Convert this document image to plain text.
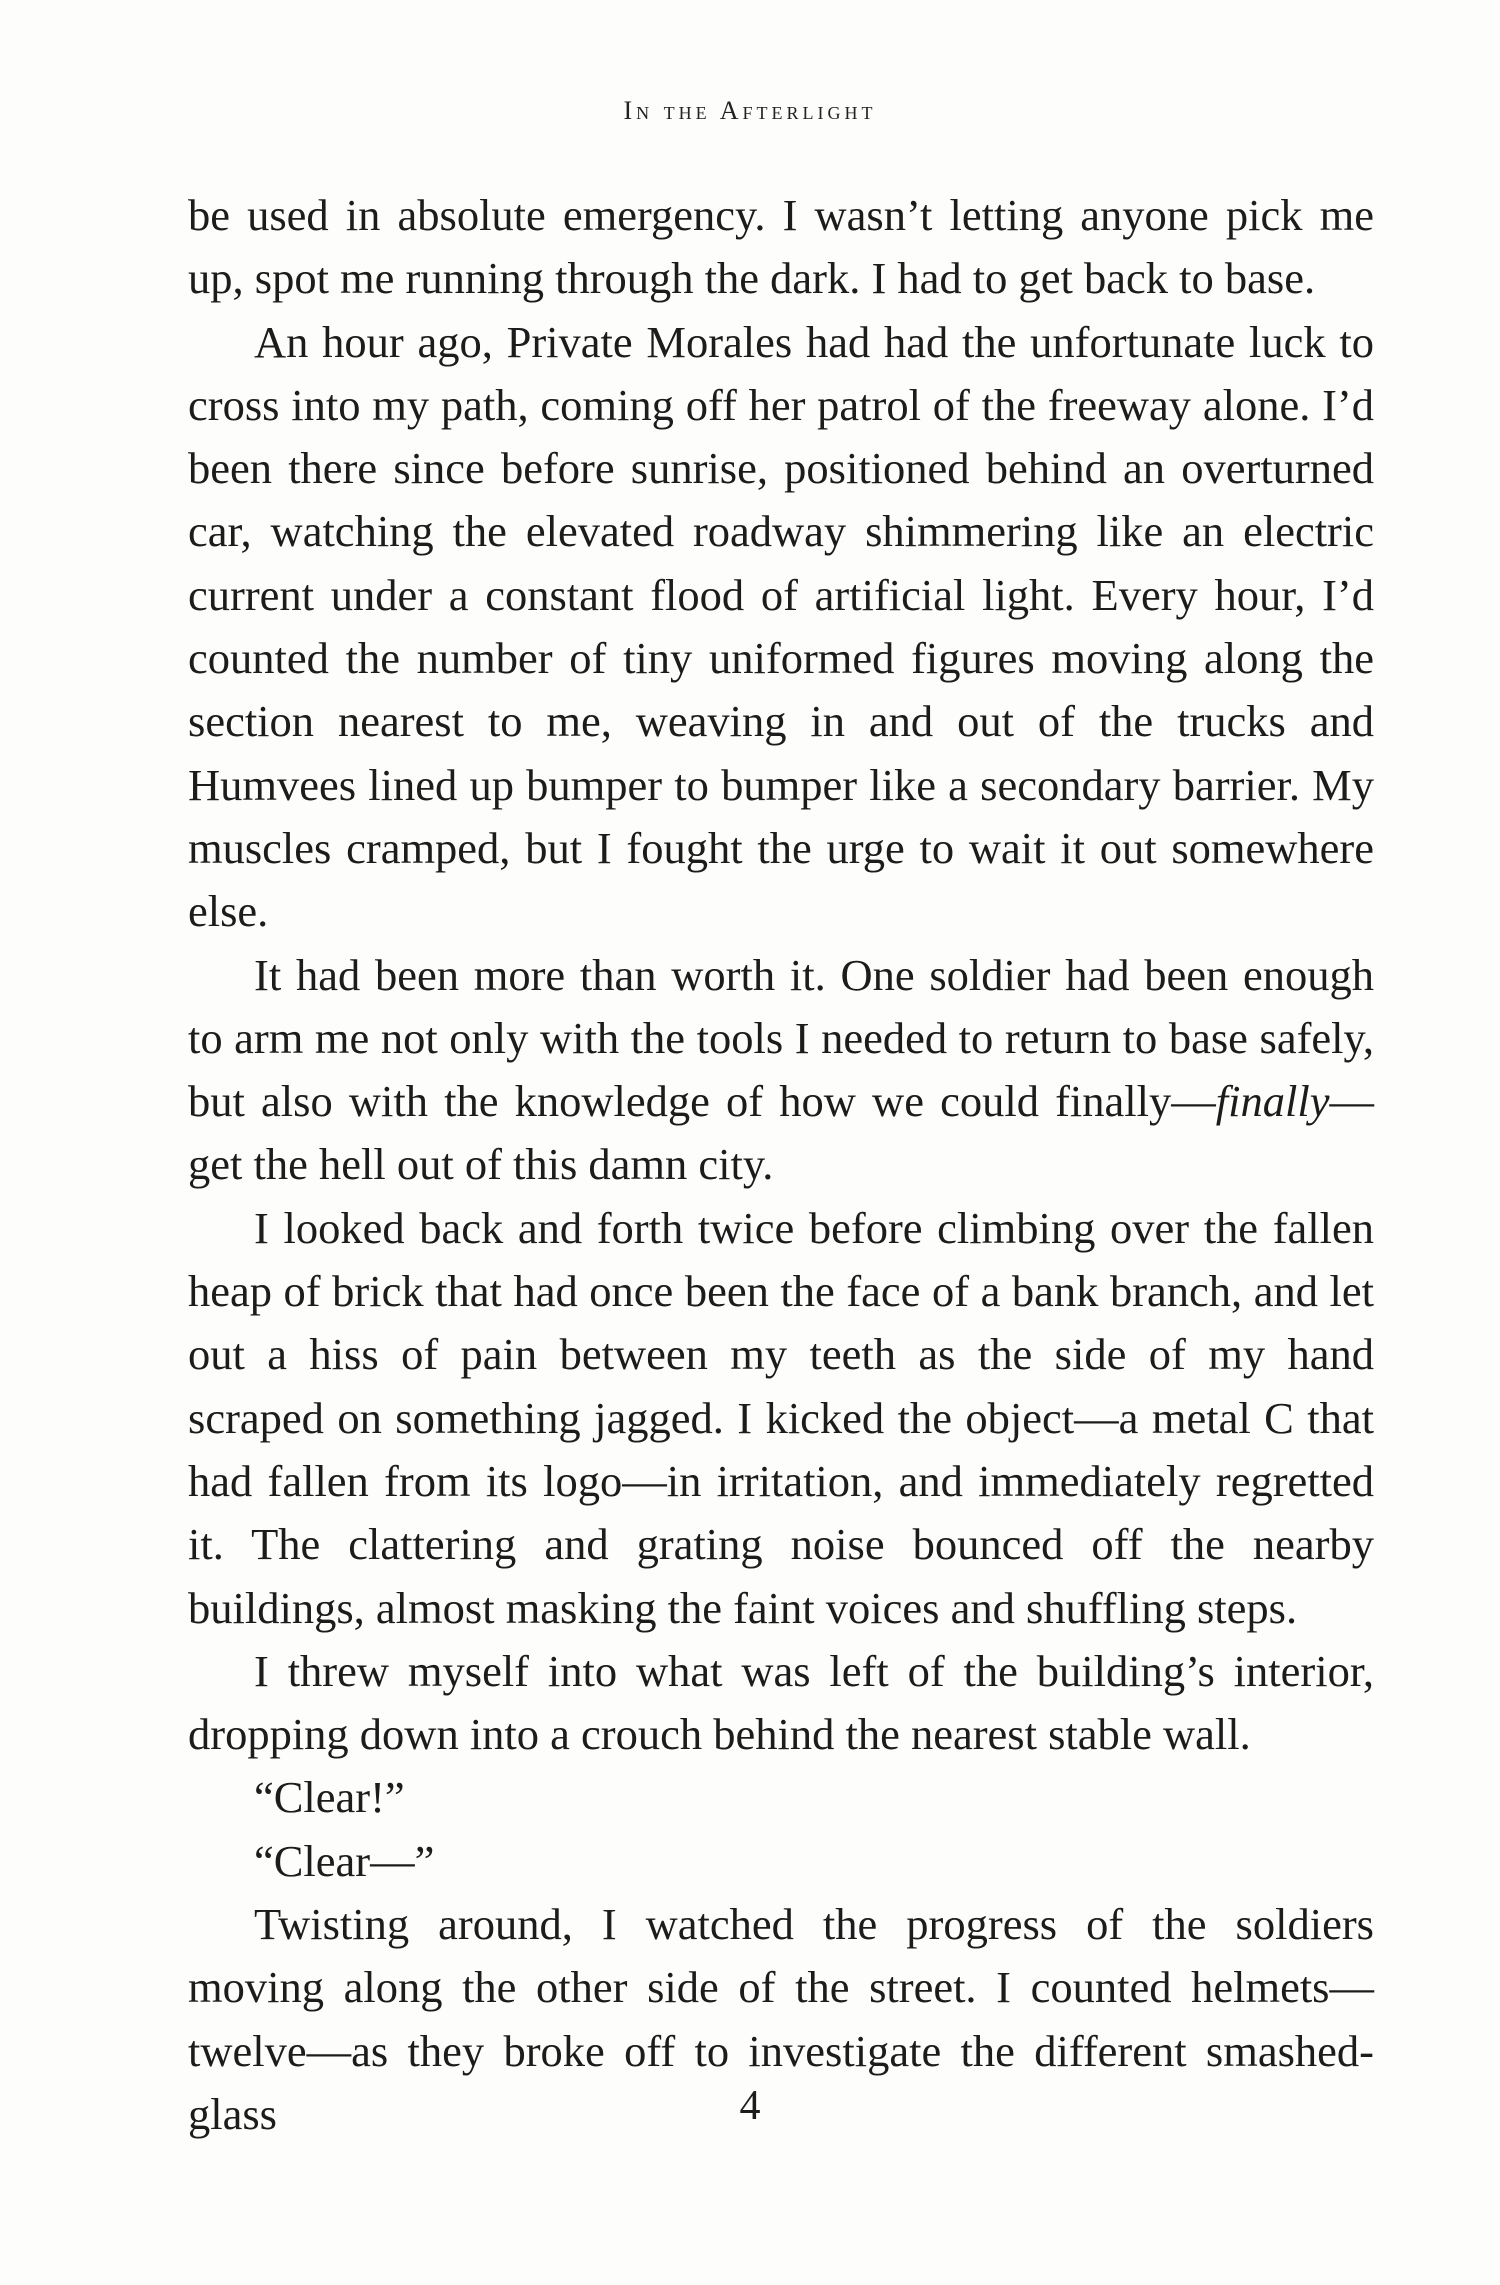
In the Afterlight

be used in absolute emergency. I wasn’t letting anyone pick me up, spot me running through the dark. I had to get back to base.

An hour ago, Private Morales had had the unfortunate luck to cross into my path, coming off her patrol of the freeway alone. I’d been there since before sunrise, positioned behind an overturned car, watching the elevated roadway shimmering like an electric current under a constant flood of artificial light. Every hour, I’d counted the number of tiny uniformed figures moving along the section nearest to me, weaving in and out of the trucks and Humvees lined up bumper to bumper like a secondary barrier. My muscles cramped, but I fought the urge to wait it out somewhere else.

It had been more than worth it. One soldier had been enough to arm me not only with the tools I needed to return to base safely, but also with the knowledge of how we could finally—finally—get the hell out of this damn city.

I looked back and forth twice before climbing over the fallen heap of brick that had once been the face of a bank branch, and let out a hiss of pain between my teeth as the side of my hand scraped on something jagged. I kicked the object—a metal C that had fallen from its logo—in irritation, and immediately regretted it. The clattering and grating noise bounced off the nearby buildings, almost masking the faint voices and shuffling steps.

I threw myself into what was left of the building’s interior, dropping down into a crouch behind the nearest stable wall.

“Clear!”

“Clear—”

Twisting around, I watched the progress of the soldiers moving along the other side of the street. I counted helmets—twelve—as they broke off to investigate the different smashed-glass	4
